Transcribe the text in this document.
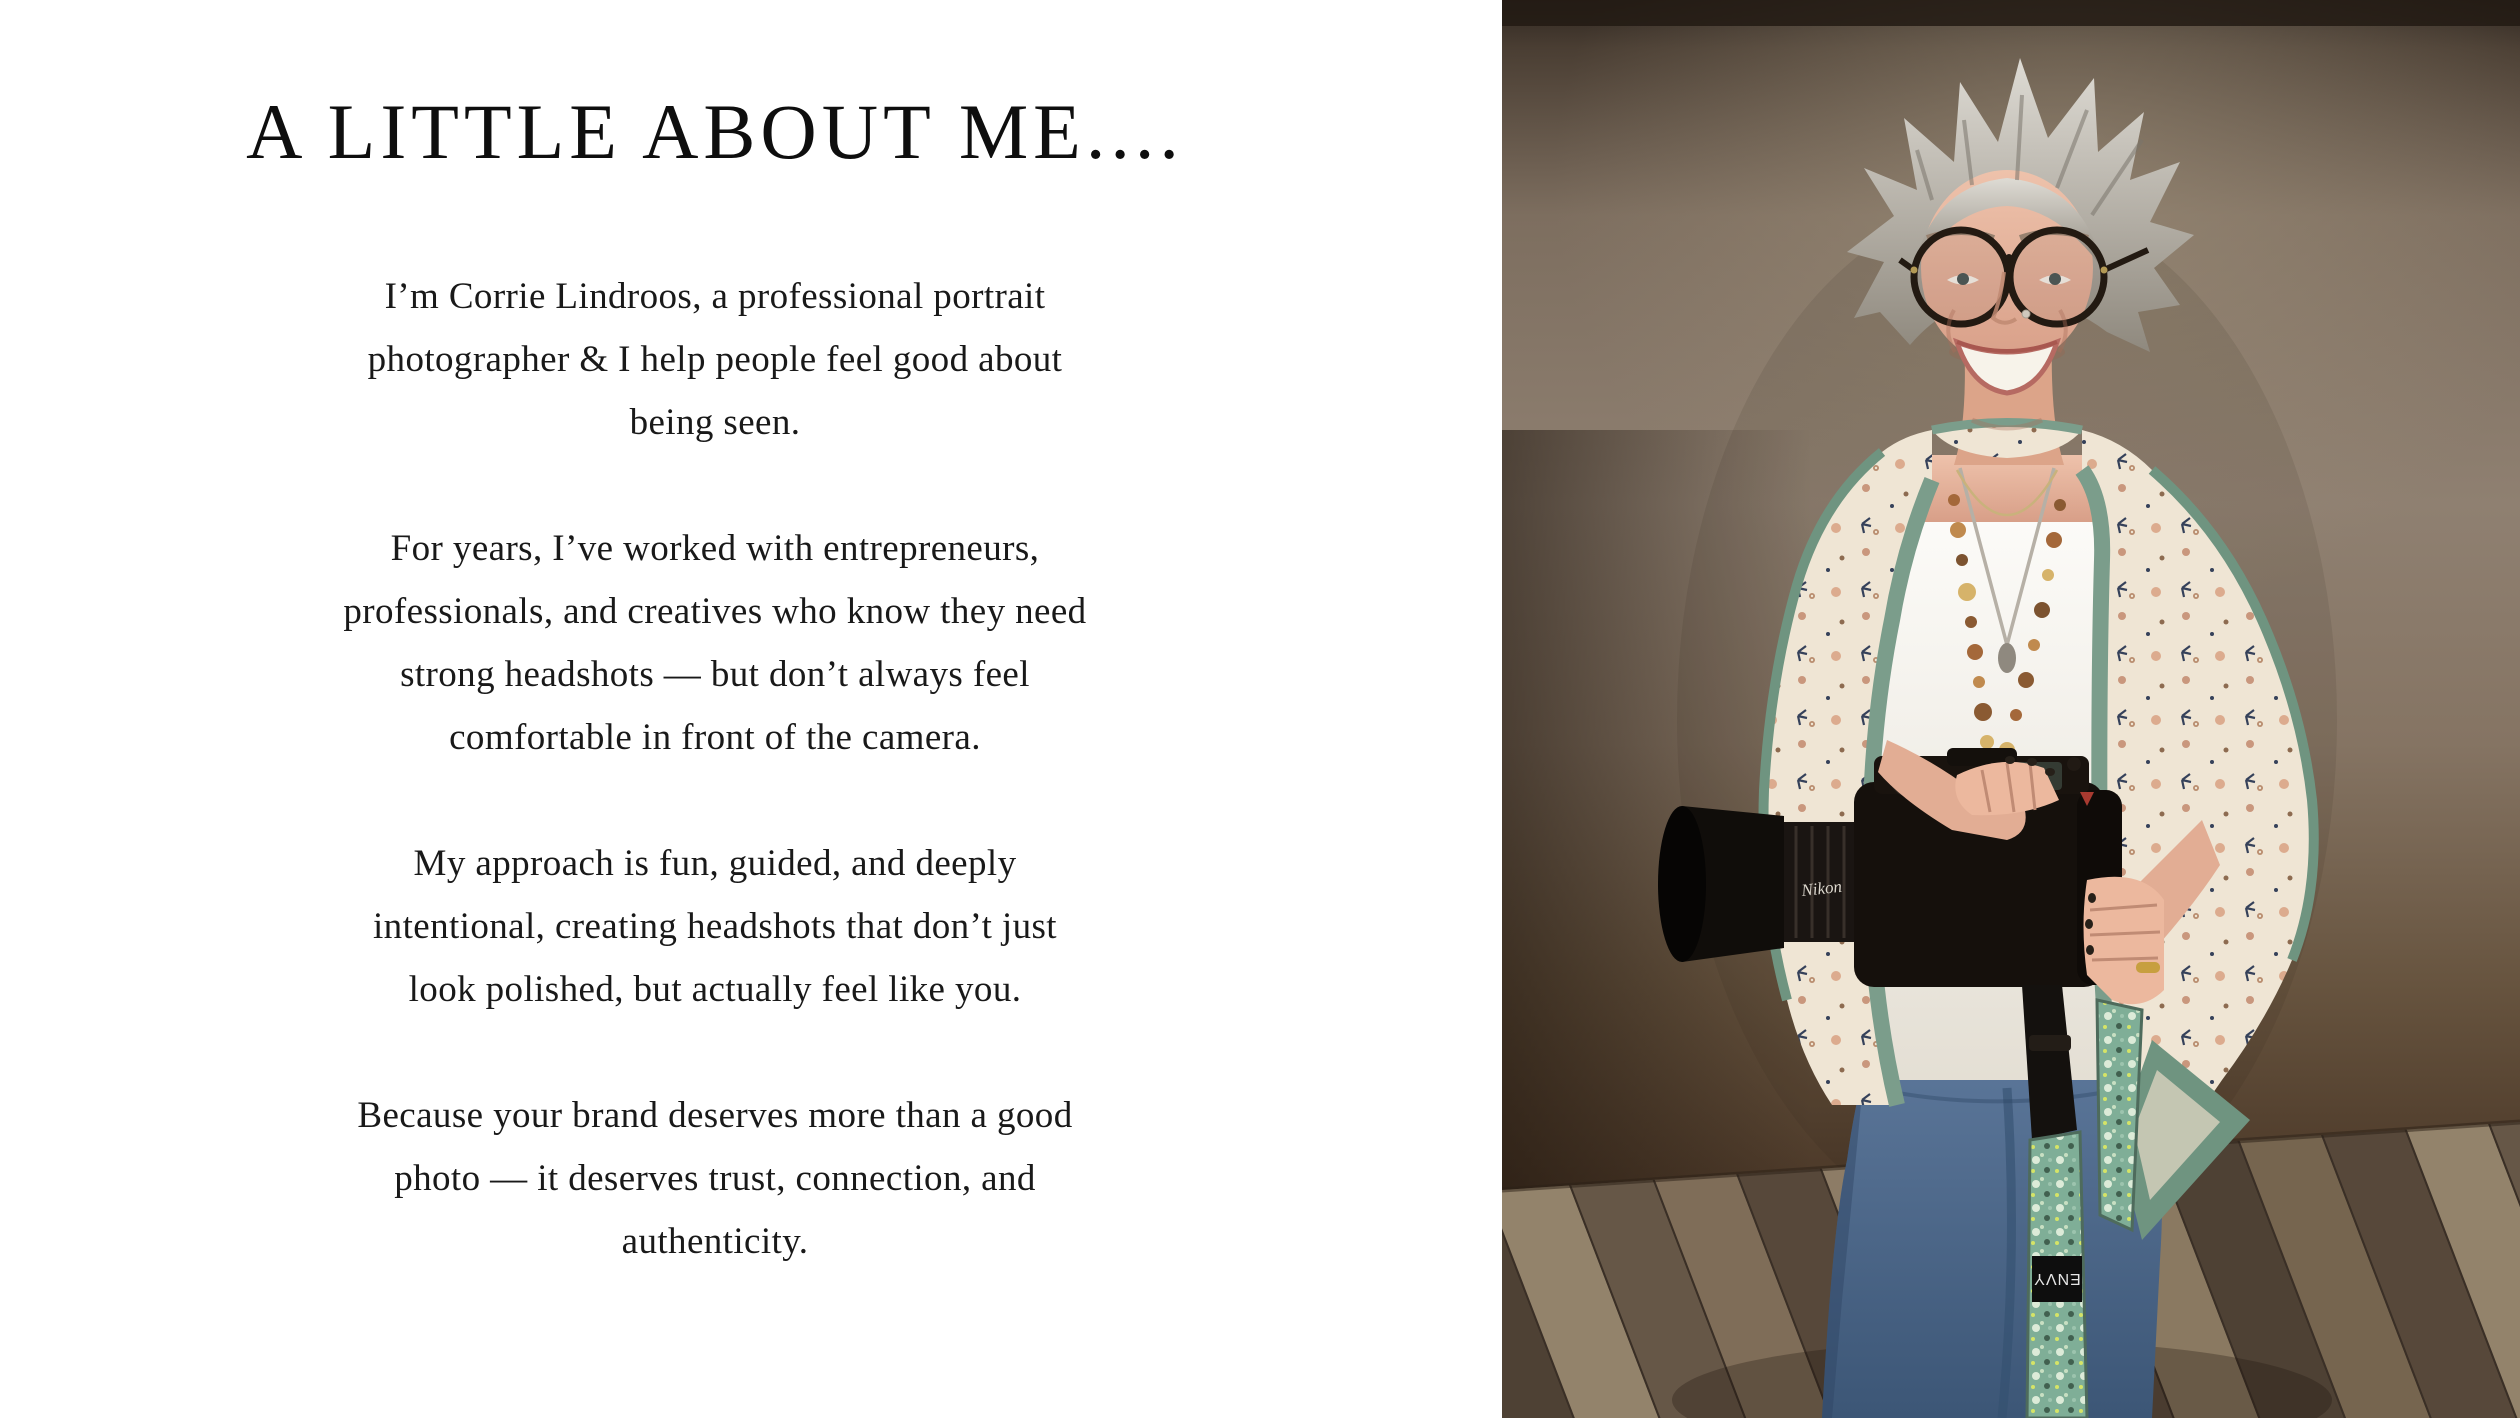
A LITTLE ABOUT ME....

I’m Corrie Lindroos, a professional portrait
photographer & I help people feel good about
being seen.

For years, I’ve worked with entrepreneurs,
professionals, and creatives who know they need
strong headshots — but don’t always feel
comfortable in front of the camera.

My approach is fun, guided, and deeply
intentional, creating headshots that don’t just
look polished, but actually feel like you.

Because your brand deserves more than a good
photo — it deserves trust, connection, and
authenticity.

Nikon
ENVY
